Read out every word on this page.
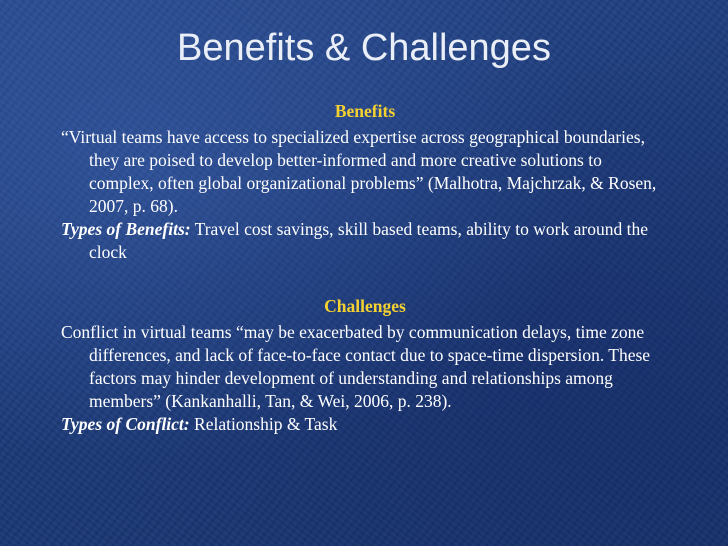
Benefits & Challenges
Benefits

“Virtual teams have access to specialized expertise across geographical boundaries, they are poised to develop better-informed and more creative solutions to complex, often global organizational problems” (Malhotra, Majchrzak, & Rosen, 2007, p. 68).

Types of Benefits: Travel cost savings, skill based teams, ability to work around the clock

Challenges

Conflict in virtual teams “may be exacerbated by communication delays, time zone differences, and lack of face-to-face contact due to space-time dispersion. These factors may hinder development of understanding and relationships among members” (Kankanhalli, Tan, & Wei, 2006, p. 238).

Types of Conflict: Relationship & Task
